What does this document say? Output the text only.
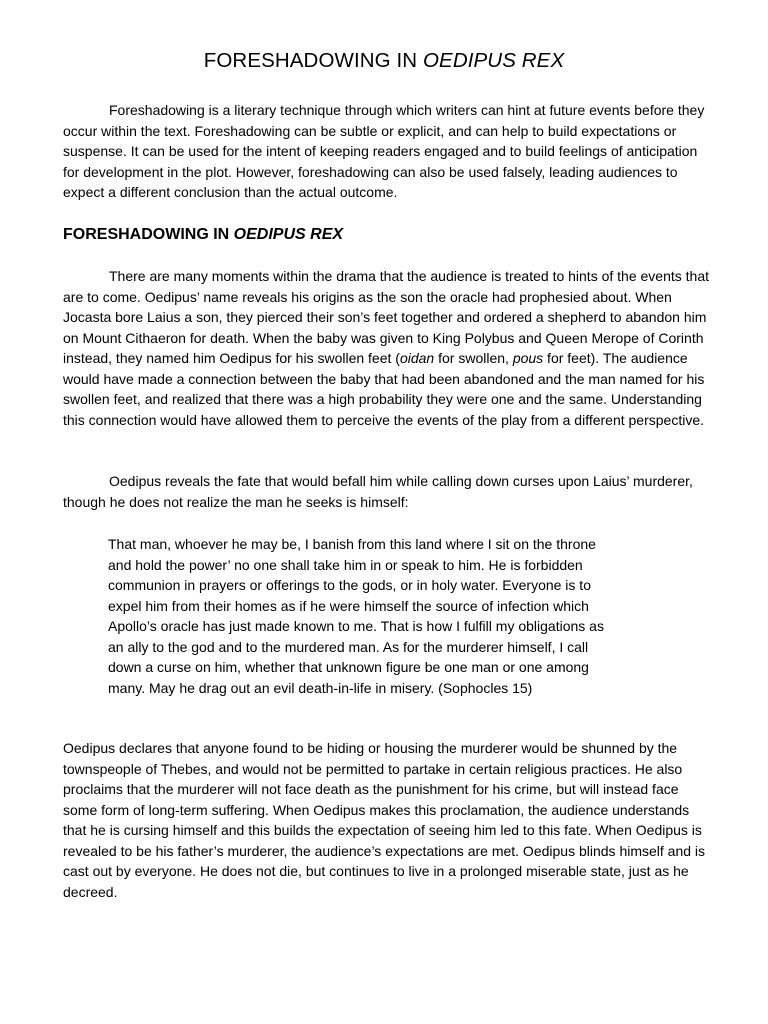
FORESHADOWING IN OEDIPUS REX

Foreshadowing is a literary technique through which writers can hint at future events before they occur within the text. Foreshadowing can be subtle or explicit, and can help to build expectations or suspense. It can be used for the intent of keeping readers engaged and to build feelings of anticipation for development in the plot. However, foreshadowing can also be used falsely, leading audiences to expect a different conclusion than the actual outcome.

FORESHADOWING IN OEDIPUS REX

There are many moments within the drama that the audience is treated to hints of the events that are to come. Oedipus’ name reveals his origins as the son the oracle had prophesied about. When Jocasta bore Laius a son, they pierced their son’s feet together and ordered a shepherd to abandon him on Mount Cithaeron for death. When the baby was given to King Polybus and Queen Merope of Corinth instead, they named him Oedipus for his swollen feet (oidan for swollen, pous for feet). The audience would have made a connection between the baby that had been abandoned and the man named for his swollen feet, and realized that there was a high probability they were one and the same. Understanding this connection would have allowed them to perceive the events of the play from a different perspective.

Oedipus reveals the fate that would befall him while calling down curses upon Laius’ murderer, though he does not realize the man he seeks is himself:

That man, whoever he may be, I banish from this land where I sit on the throne and hold the power’ no one shall take him in or speak to him. He is forbidden communion in prayers or offerings to the gods, or in holy water. Everyone is to expel him from their homes as if he were himself the source of infection which Apollo’s oracle has just made known to me. That is how I fulfill my obligations as an ally to the god and to the murdered man. As for the murderer himself, I call down a curse on him, whether that unknown figure be one man or one among many. May he drag out an evil death-in-life in misery. (Sophocles 15)

Oedipus declares that anyone found to be hiding or housing the murderer would be shunned by the townspeople of Thebes, and would not be permitted to partake in certain religious practices. He also proclaims that the murderer will not face death as the punishment for his crime, but will instead face some form of long-term suffering. When Oedipus makes this proclamation, the audience understands that he is cursing himself and this builds the expectation of seeing him led to this fate. When Oedipus is revealed to be his father’s murderer, the audience’s expectations are met. Oedipus blinds himself and is cast out by everyone. He does not die, but continues to live in a prolonged miserable state, just as he decreed.
